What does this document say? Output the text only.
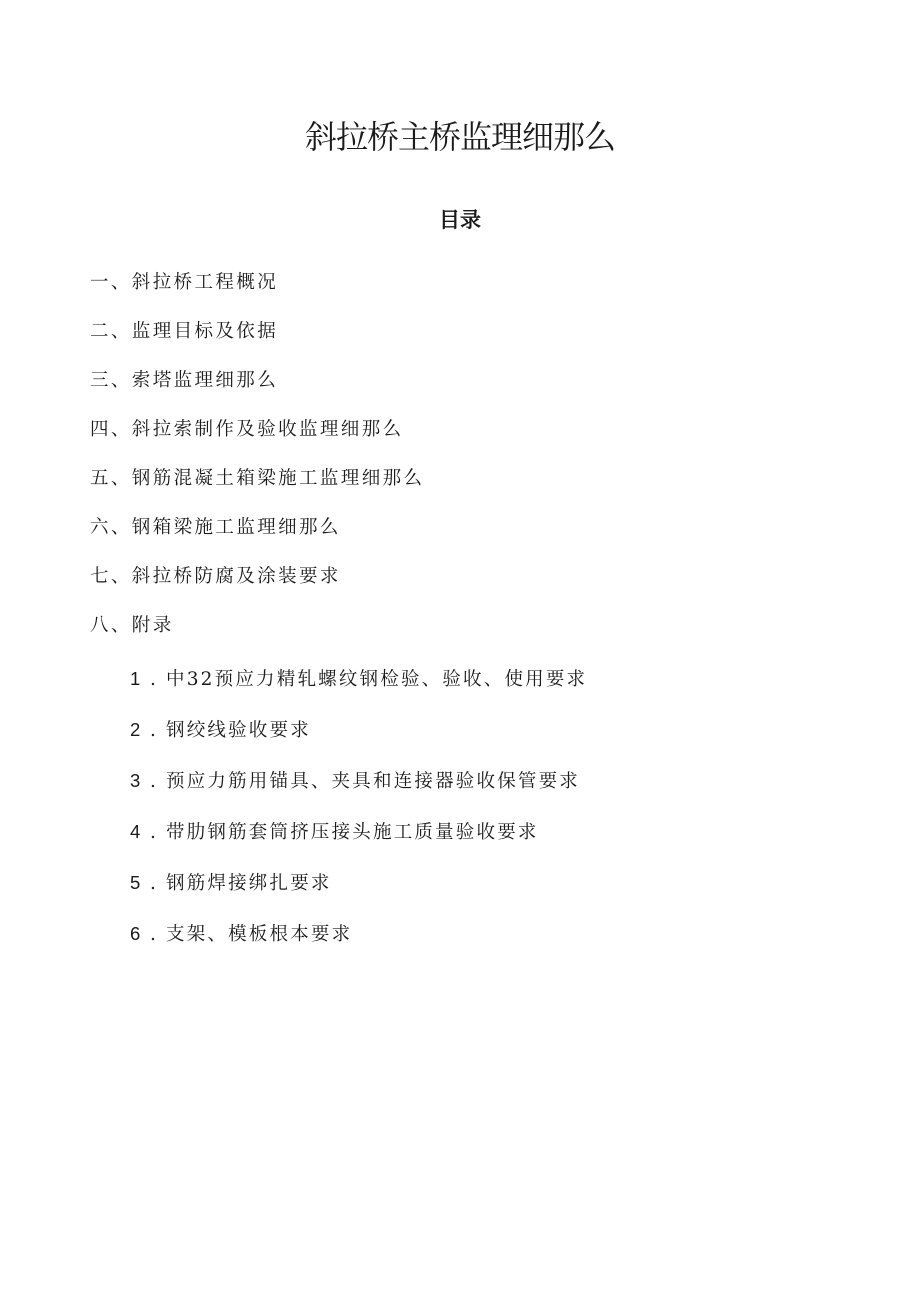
斜拉桥主桥监理细那么
目录
一、斜拉桥工程概况
二、监理目标及依据
三、索塔监理细那么
四、斜拉索制作及验收监理细那么
五、钢筋混凝土箱梁施工监理细那么
六、钢箱梁施工监理细那么
七、斜拉桥防腐及涂装要求
八、附录
1 . 中32预应力精轧螺纹钢检验、验收、使用要求
2 . 钢绞线验收要求
3 . 预应力筋用锚具、夹具和连接器验收保管要求
4 . 带肋钢筋套筒挤压接头施工质量验收要求
5 . 钢筋焊接绑扎要求
6 . 支架、模板根本要求
